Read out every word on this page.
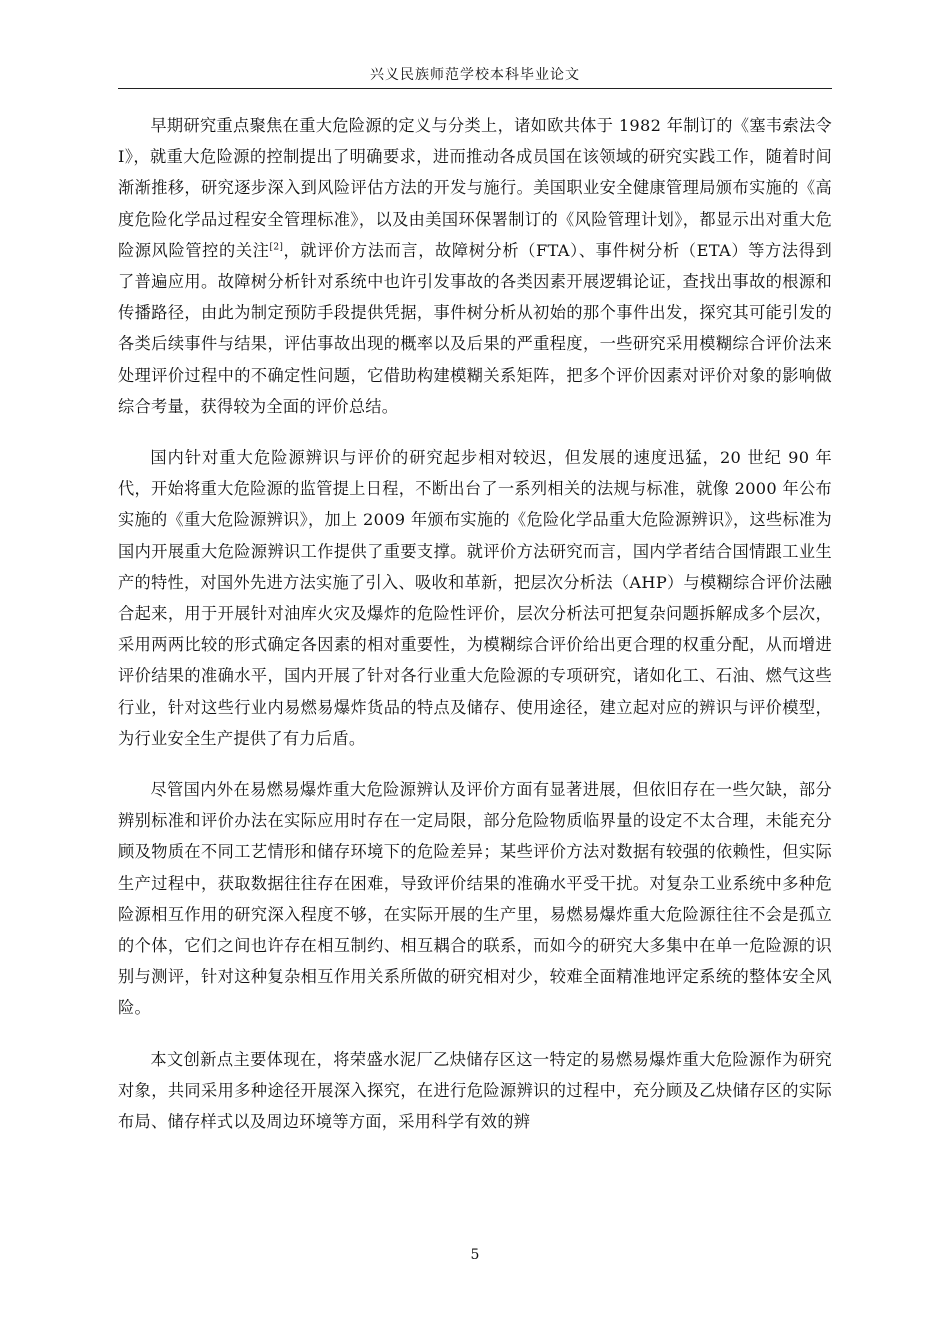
兴义民族师范学校本科毕业论文

早期研究重点聚焦在重大危险源的定义与分类上，诸如欧共体于 1982 年制订的《塞韦索法令 I》，就重大危险源的控制提出了明确要求，进而推动各成员国在该领域的研究实践工作，随着时间渐渐推移，研究逐步深入到风险评估方法的开发与施行。美国职业安全健康管理局颁布实施的《高度危险化学品过程安全管理标准》，以及由美国环保署制订的《风险管理计划》，都显示出对重大危险源风险管控的关注[2]，就评价方法而言，故障树分析（FTA）、事件树分析（ETA）等方法得到了普遍应用。故障树分析针对系统中也许引发事故的各类因素开展逻辑论证，查找出事故的根源和传播路径，由此为制定预防手段提供凭据，事件树分析从初始的那个事件出发，探究其可能引发的各类后续事件与结果，评估事故出现的概率以及后果的严重程度，一些研究采用模糊综合评价法来处理评价过程中的不确定性问题，它借助构建模糊关系矩阵，把多个评价因素对评价对象的影响做综合考量，获得较为全面的评价总结。

国内针对重大危险源辨识与评价的研究起步相对较迟，但发展的速度迅猛，20 世纪 90 年代，开始将重大危险源的监管提上日程，不断出台了一系列相关的法规与标准，就像 2000 年公布实施的《重大危险源辨识》，加上 2009 年颁布实施的《危险化学品重大危险源辨识》，这些标准为国内开展重大危险源辨识工作提供了重要支撑。就评价方法研究而言，国内学者结合国情跟工业生产的特性，对国外先进方法实施了引入、吸收和革新，把层次分析法（AHP）与模糊综合评价法融合起来，用于开展针对油库火灾及爆炸的危险性评价，层次分析法可把复杂问题拆解成多个层次，采用两两比较的形式确定各因素的相对重要性，为模糊综合评价给出更合理的权重分配，从而增进评价结果的准确水平，国内开展了针对各行业重大危险源的专项研究，诸如化工、石油、燃气这些行业，针对这些行业内易燃易爆炸货品的特点及储存、使用途径，建立起对应的辨识与评价模型，为行业安全生产提供了有力后盾。

尽管国内外在易燃易爆炸重大危险源辨认及评价方面有显著进展，但依旧存在一些欠缺，部分辨别标准和评价办法在实际应用时存在一定局限，部分危险物质临界量的设定不太合理，未能充分顾及物质在不同工艺情形和储存环境下的危险差异；某些评价方法对数据有较强的依赖性，但实际生产过程中，获取数据往往存在困难，导致评价结果的准确水平受干扰。对复杂工业系统中多种危险源相互作用的研究深入程度不够，在实际开展的生产里，易燃易爆炸重大危险源往往不会是孤立的个体，它们之间也许存在相互制约、相互耦合的联系，而如今的研究大多集中在单一危险源的识别与测评，针对这种复杂相互作用关系所做的研究相对少，较难全面精准地评定系统的整体安全风险。

本文创新点主要体现在，将荣盛水泥厂乙炔储存区这一特定的易燃易爆炸重大危险源作为研究对象，共同采用多种途径开展深入探究，在进行危险源辨识的过程中，充分顾及乙炔储存区的实际布局、储存样式以及周边环境等方面，采用科学有效的辨

5
